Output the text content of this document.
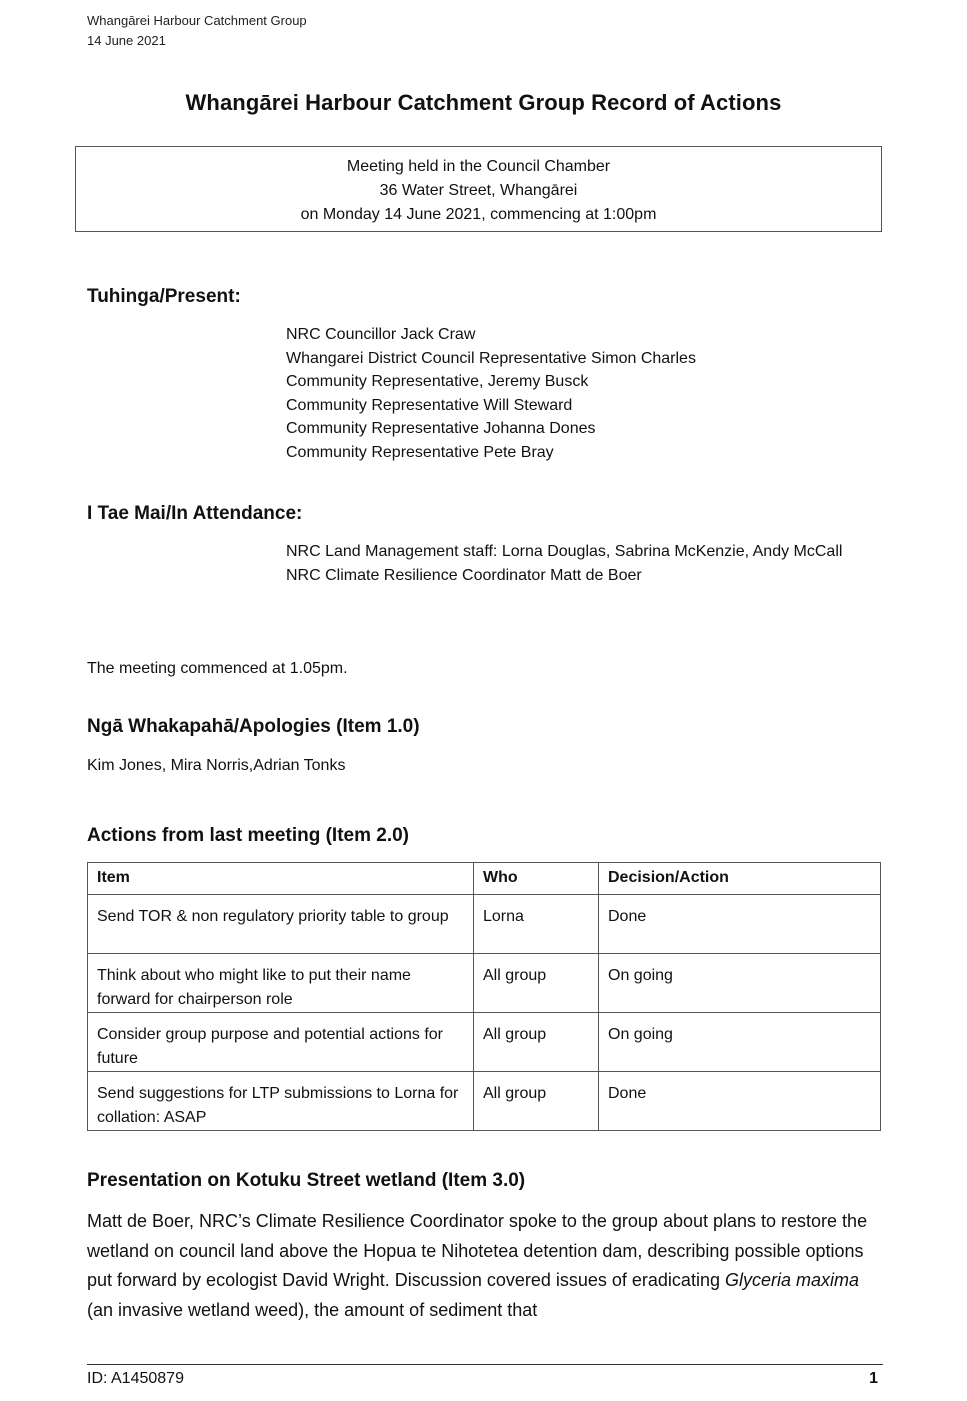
Whangārei Harbour Catchment Group
14 June 2021
Whangārei Harbour Catchment Group Record of Actions
Meeting held in the Council Chamber
36 Water Street, Whangārei
on Monday 14 June 2021, commencing at 1:00pm
Tuhinga/Present:
NRC Councillor Jack Craw
Whangarei District Council Representative Simon Charles
Community Representative, Jeremy Busck
Community Representative Will Steward
Community Representative Johanna Dones
Community Representative Pete Bray
I Tae Mai/In Attendance:
NRC Land Management staff: Lorna Douglas, Sabrina McKenzie, Andy McCall
NRC Climate Resilience Coordinator Matt de Boer
The meeting commenced at 1.05pm.
Ngā Whakapahā/Apologies (Item 1.0)
Kim Jones, Mira Norris,Adrian Tonks
Actions from last meeting (Item 2.0)
Item	Who	Decision/Action
Send TOR & non regulatory priority table to group	Lorna	Done
Think about who might like to put their name forward for chairperson role	All group	On going
Consider group purpose and potential actions for future	All group	On going
Send suggestions for LTP submissions to Lorna for collation: ASAP	All group	Done
Presentation on Kotuku Street wetland (Item 3.0)
Matt de Boer, NRC’s Climate Resilience Coordinator spoke to the group about plans to restore the wetland on council land above the Hopua te Nihotetea detention dam, describing possible options put forward by ecologist David Wright. Discussion covered issues of eradicating Glyceria maxima (an invasive wetland weed), the amount of sediment that
ID: A1450879	1
